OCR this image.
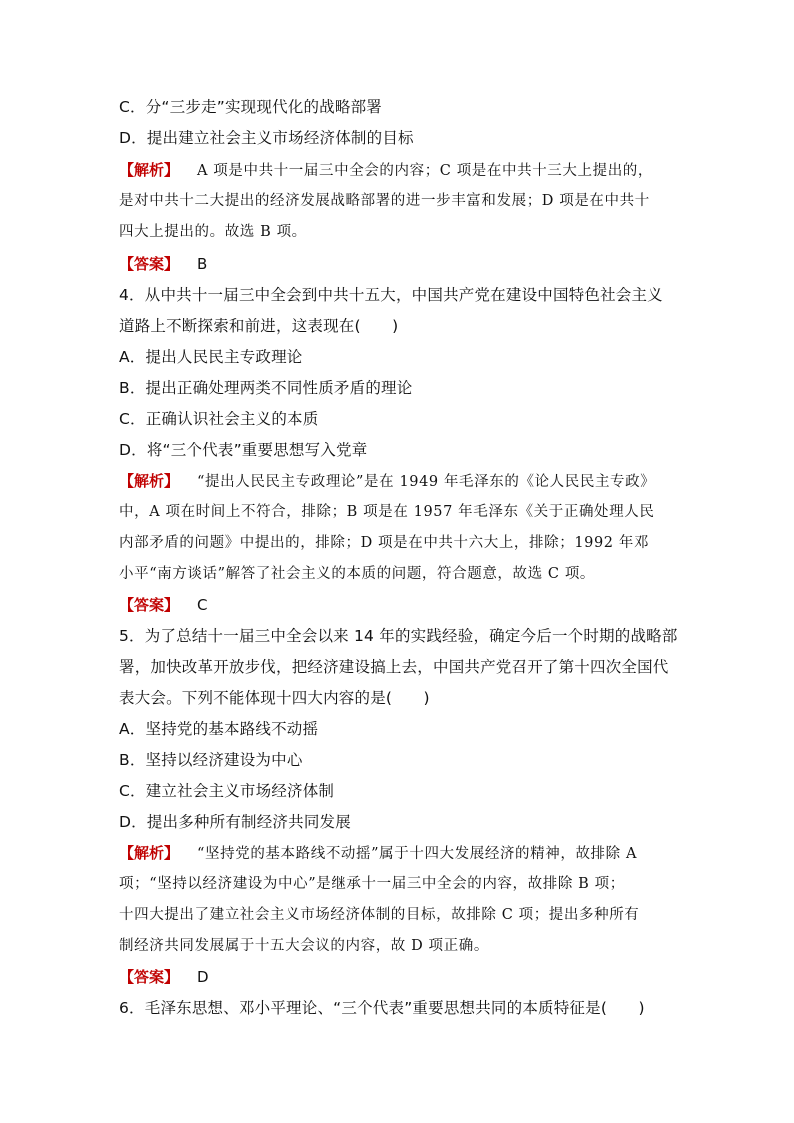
C．分“三步走”实现现代化的战略部署
D．提出建立社会主义市场经济体制的目标
【解析】 A 项是中共十一届三中全会的内容；C 项是在中共十三大上提出的，
是对中共十二大提出的经济发展战略部署的进一步丰富和发展；D 项是在中共十
四大上提出的。故选 B 项。
【答案】 B
4．从中共十一届三中全会到中共十五大，中国共产党在建设中国特色社会主义
道路上不断探索和前进，这表现在(　　)
A．提出人民民主专政理论
B．提出正确处理两类不同性质矛盾的理论
C．正确认识社会主义的本质
D．将“三个代表”重要思想写入党章
【解析】 “提出人民民主专政理论”是在 1949 年毛泽东的《论人民民主专政》
中，A 项在时间上不符合，排除；B 项是在 1957 年毛泽东《关于正确处理人民
内部矛盾的问题》中提出的，排除；D 项是在中共十六大上，排除；1992 年邓
小平“南方谈话”解答了社会主义的本质的问题，符合题意，故选 C 项。
【答案】 C
5．为了总结十一届三中全会以来 14 年的实践经验，确定今后一个时期的战略部
署，加快改革开放步伐，把经济建设搞上去，中国共产党召开了第十四次全国代
表大会。下列不能体现十四大内容的是(　　)
A．坚持党的基本路线不动摇
B．坚持以经济建设为中心
C．建立社会主义市场经济体制
D．提出多种所有制经济共同发展
【解析】 “坚持党的基本路线不动摇”属于十四大发展经济的精神，故排除 A
项；“坚持以经济建设为中心”是继承十一届三中全会的内容，故排除 B 项；
十四大提出了建立社会主义市场经济体制的目标，故排除 C 项；提出多种所有
制经济共同发展属于十五大会议的内容，故 D 项正确。
【答案】 D
6．毛泽东思想、邓小平理论、“三个代表”重要思想共同的本质特征是(　　)
